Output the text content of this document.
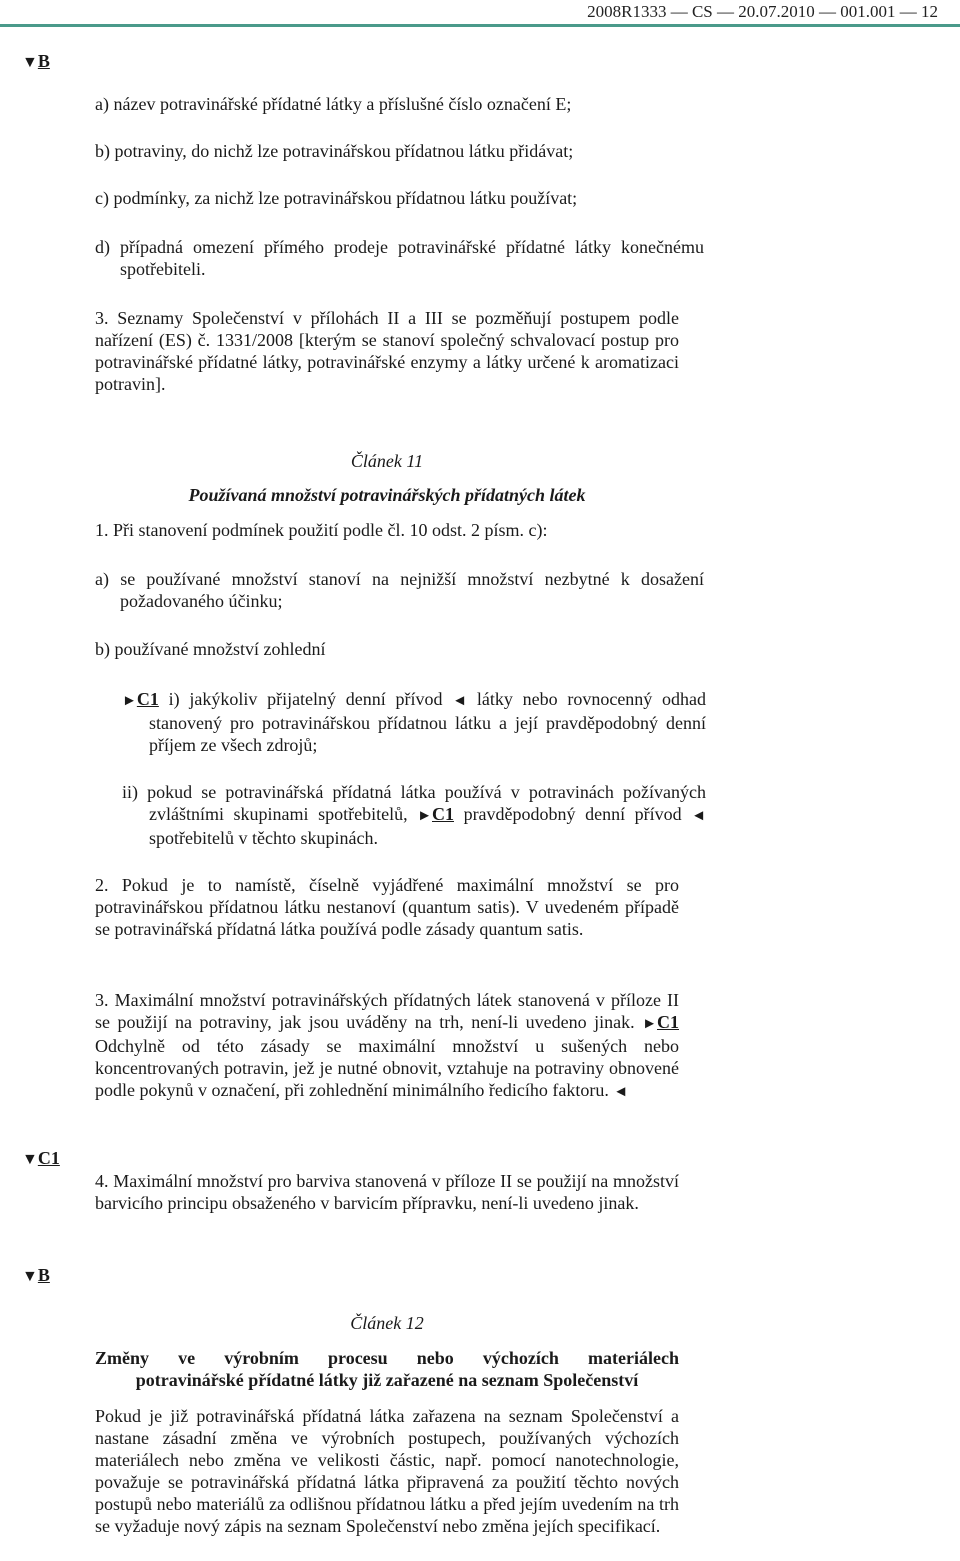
2008R1333 — CS — 20.07.2010 — 001.001 — 12
▼B
a) název potravinářské přídatné látky a příslušné číslo označení E;
b) potraviny, do nichž lze potravinářskou přídatnou látku přidávat;
c) podmínky, za nichž lze potravinářskou přídatnou látku používat;
d) případná omezení přímého prodeje potravinářské přídatné látky konečnému spotřebiteli.
3. Seznamy Společenství v přílohách II a III se pozměňují postupem podle nařízení (ES) č. 1331/2008 [kterým se stanoví společný schvalovací postup pro potravinářské přídatné látky, potravinářské enzymy a látky určené k aromatizaci potravin].
Článek 11
Používaná množství potravinářských přídatných látek
1. Při stanovení podmínek použití podle čl. 10 odst. 2 písm. c):
a) se používané množství stanoví na nejnižší množství nezbytné k dosažení požadovaného účinku;
b) používané množství zohlední
►C1 i) jakýkoliv přijatelný denní přívod ◄ látky nebo rovnocenný odhad stanovený pro potravinářskou přídatnou látku a její pravděpodobný denní příjem ze všech zdrojů;
ii) pokud se potravinářská přídatná látka používá v potravinách požívaných zvláštními skupinami spotřebitelů, ►C1 pravděpodobný denní přívod ◄ spotřebitelů v těchto skupinách.
2. Pokud je to namístě, číselně vyjádřené maximální množství se pro potravinářskou přídatnou látku nestanoví (quantum satis). V uvedeném případě se potravinářská přídatná látka používá podle zásady quantum satis.
3. Maximální množství potravinářských přídatných látek stanovená v příloze II se použijí na potraviny, jak jsou uváděny na trh, není-li uvedeno jinak. ►C1 Odchylně od této zásady se maximální množství u sušených nebo koncentrovaných potravin, jež je nutné obnovit, vztahuje na potraviny obnovené podle pokynů v označení, při zohlednění minimálního ředicího faktoru. ◄
▼C1
4. Maximální množství pro barviva stanovená v příloze II se použijí na množství barvicího principu obsaženého v barvicím přípravku, není-li uvedeno jinak.
▼B
Článek 12
Změny ve výrobním procesu nebo výchozích materiálech
potravinářské přídatné látky již zařazené na seznam Společenství
Pokud je již potravinářská přídatná látka zařazena na seznam Společenství a nastane zásadní změna ve výrobních postupech, používaných výchozích materiálech nebo změna ve velikosti částic, např. pomocí nanotechnologie, považuje se potravinářská přídatná látka připravená za použití těchto nových postupů nebo materiálů za odlišnou přídatnou látku a před jejím uvedením na trh se vyžaduje nový zápis na seznam Společenství nebo změna jejích specifikací.
